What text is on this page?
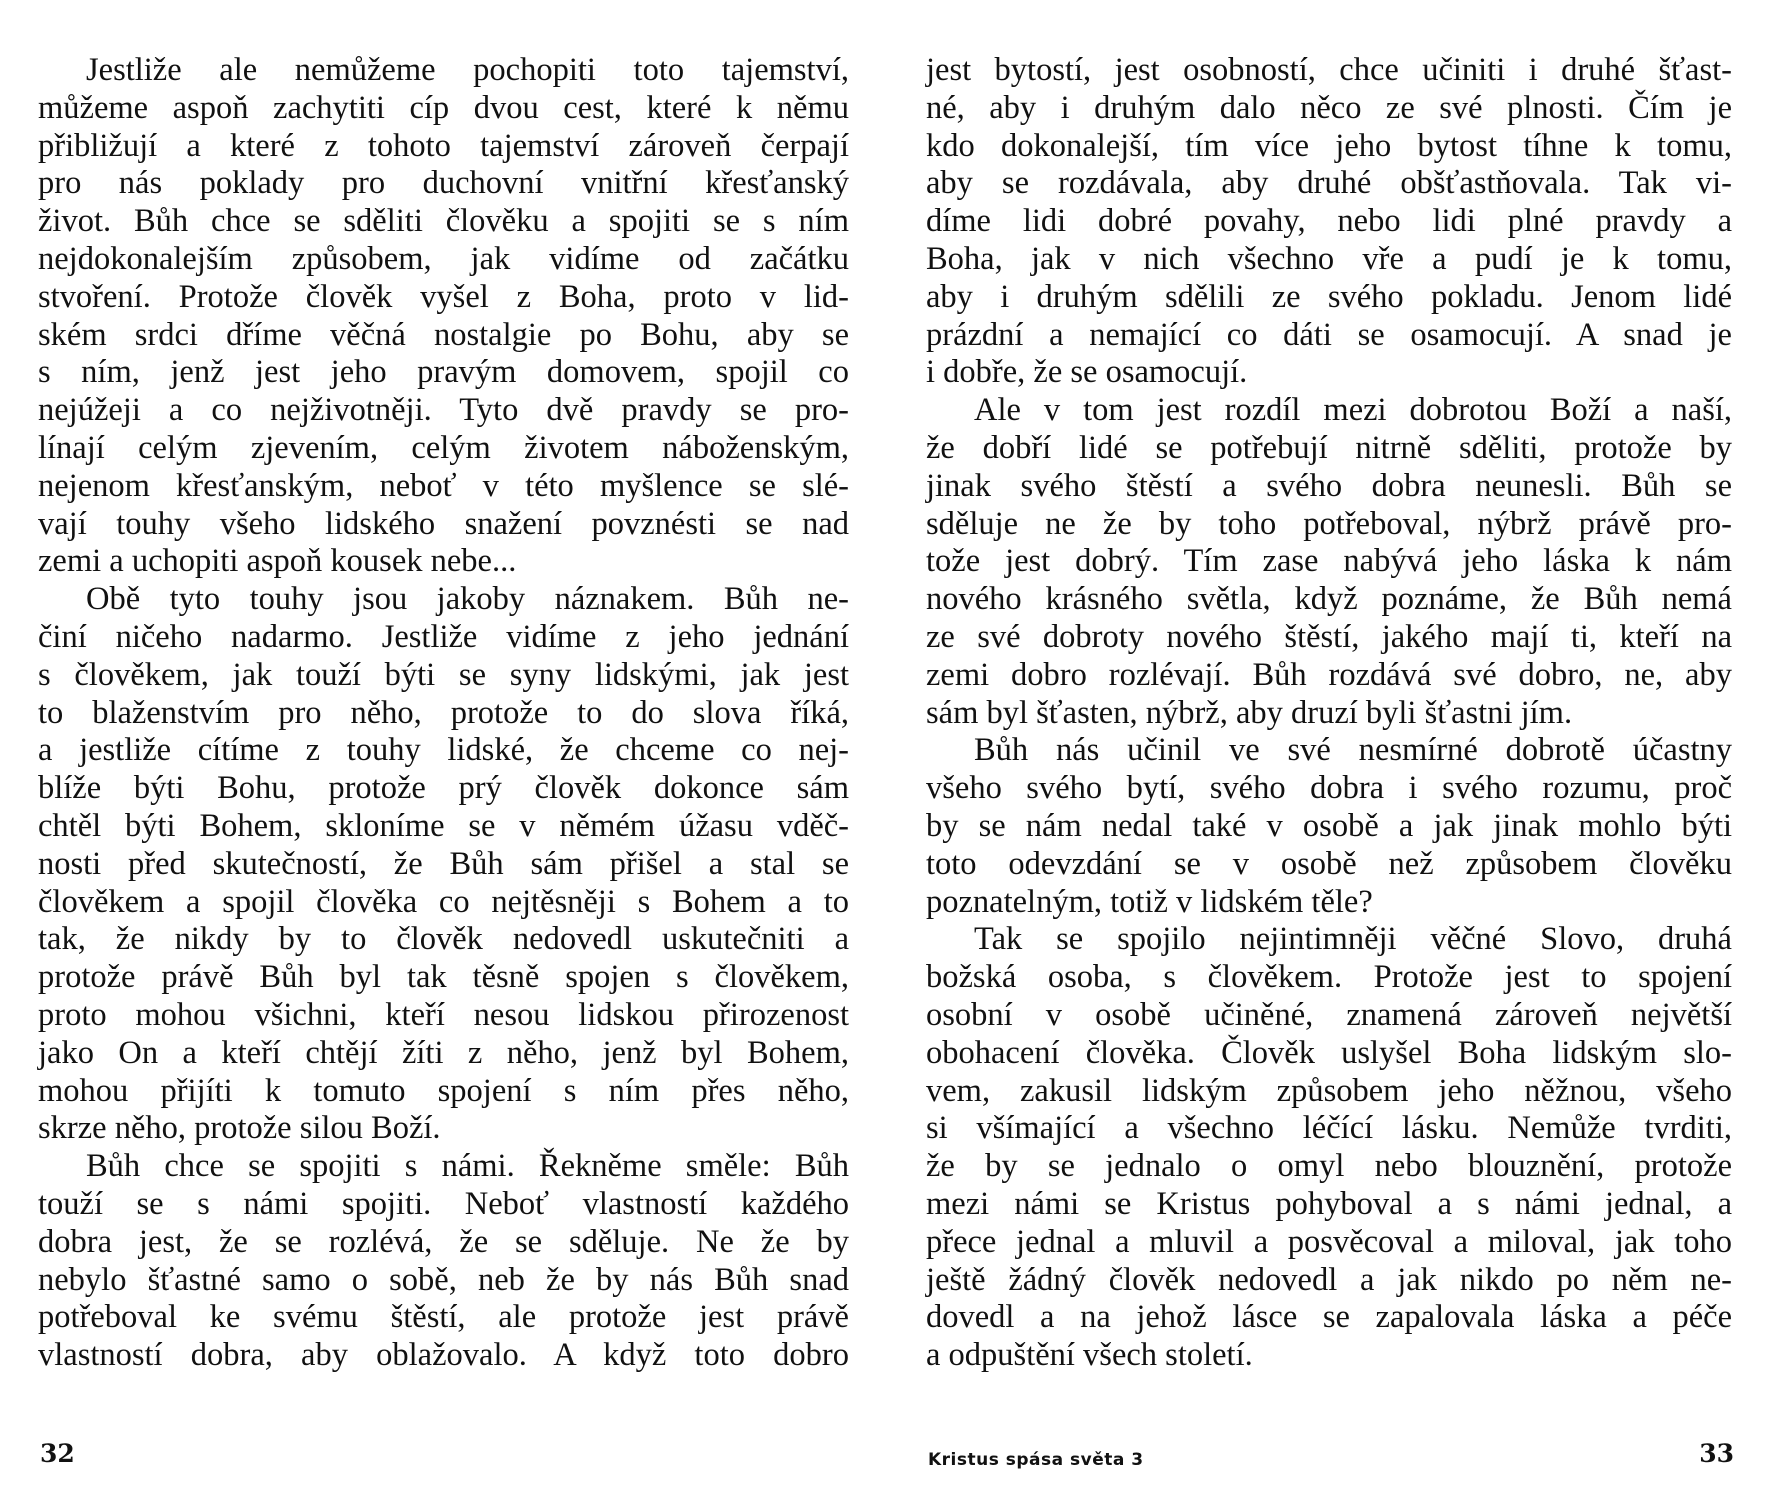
Jestliže ale nemůžeme pochopiti toto tajemství,
můžeme aspoň zachytiti cíp dvou cest, které k němu
přibližují a které z tohoto tajemství zároveň čerpají
pro nás poklady pro duchovní vnitřní křesťanský
život. Bůh chce se sděliti člověku a spojiti se s ním
nejdokonalejším způsobem, jak vidíme od začátku
stvoření. Protože člověk vyšel z Boha, proto v lid-
ském srdci dříme věčná nostalgie po Bohu, aby se
s ním, jenž jest jeho pravým domovem, spojil co
nejúžeji a co nejživotněji. Tyto dvě pravdy se pro-
línají celým zjevením, celým životem náboženským,
nejenom křesťanským, neboť v této myšlence se slé-
vají touhy všeho lidského snažení povznésti se nad
zemi a uchopiti aspoň kousek nebe...
Obě tyto touhy jsou jakoby náznakem. Bůh ne-
činí ničeho nadarmo. Jestliže vidíme z jeho jednání
s člověkem, jak touží býti se syny lidskými, jak jest
to blaženstvím pro něho, protože to do slova říká,
a jestliže cítíme z touhy lidské, že chceme co nej-
blíže býti Bohu, protože prý člověk dokonce sám
chtěl býti Bohem, skloníme se v němém úžasu vděč-
nosti před skutečností, že Bůh sám přišel a stal se
člověkem a spojil člověka co nejtěsněji s Bohem a to
tak, že nikdy by to člověk nedovedl uskutečniti a
protože právě Bůh byl tak těsně spojen s člověkem,
proto mohou všichni, kteří nesou lidskou přirozenost
jako On a kteří chtějí žíti z něho, jenž byl Bohem,
mohou přijíti k tomuto spojení s ním přes něho,
skrze něho, protože silou Boží.
Bůh chce se spojiti s námi. Řekněme směle: Bůh
touží se s námi spojiti. Neboť vlastností každého
dobra jest, že se rozlévá, že se sděluje. Ne že by
nebylo šťastné samo o sobě, neb že by nás Bůh snad
potřeboval ke svému štěstí, ale protože jest právě
vlastností dobra, aby oblažovalo. A když toto dobro
jest bytostí, jest osobností, chce učiniti i druhé šťast-
né, aby i druhým dalo něco ze své plnosti. Čím je
kdo dokonalejší, tím více jeho bytost tíhne k tomu,
aby se rozdávala, aby druhé obšťastňovala. Tak vi-
díme lidi dobré povahy, nebo lidi plné pravdy a
Boha, jak v nich všechno vře a pudí je k tomu,
aby i druhým sdělili ze svého pokladu. Jenom lidé
prázdní a nemající co dáti se osamocují. A snad je
i dobře, že se osamocují.
Ale v tom jest rozdíl mezi dobrotou Boží a naší,
že dobří lidé se potřebují nitrně sděliti, protože by
jinak svého štěstí a svého dobra neunesli. Bůh se
sděluje ne že by toho potřeboval, nýbrž právě pro-
tože jest dobrý. Tím zase nabývá jeho láska k nám
nového krásného světla, když poznáme, že Bůh nemá
ze své dobroty nového štěstí, jakého mají ti, kteří na
zemi dobro rozlévají. Bůh rozdává své dobro, ne, aby
sám byl šťasten, nýbrž, aby druzí byli šťastni jím.
Bůh nás učinil ve své nesmírné dobrotě účastny
všeho svého bytí, svého dobra i svého rozumu, proč
by se nám nedal také v osobě a jak jinak mohlo býti
toto odevzdání se v osobě než způsobem člověku
poznatelným, totiž v lidském těle?
Tak se spojilo nejintimněji věčné Slovo, druhá
božská osoba, s člověkem. Protože jest to spojení
osobní v osobě učiněné, znamená zároveň největší
obohacení člověka. Člověk uslyšel Boha lidským slo-
vem, zakusil lidským způsobem jeho něžnou, všeho
si všímající a všechno léčící lásku. Nemůže tvrditi,
že by se jednalo o omyl nebo blouznění, protože
mezi námi se Kristus pohyboval a s námi jednal, a
přece jednal a mluvil a posvěcoval a miloval, jak toho
ještě žádný člověk nedovedl a jak nikdo po něm ne-
dovedl a na jehož lásce se zapalovala láska a péče
a odpuštění všech století.
32	Kristus spása světa 3	33
